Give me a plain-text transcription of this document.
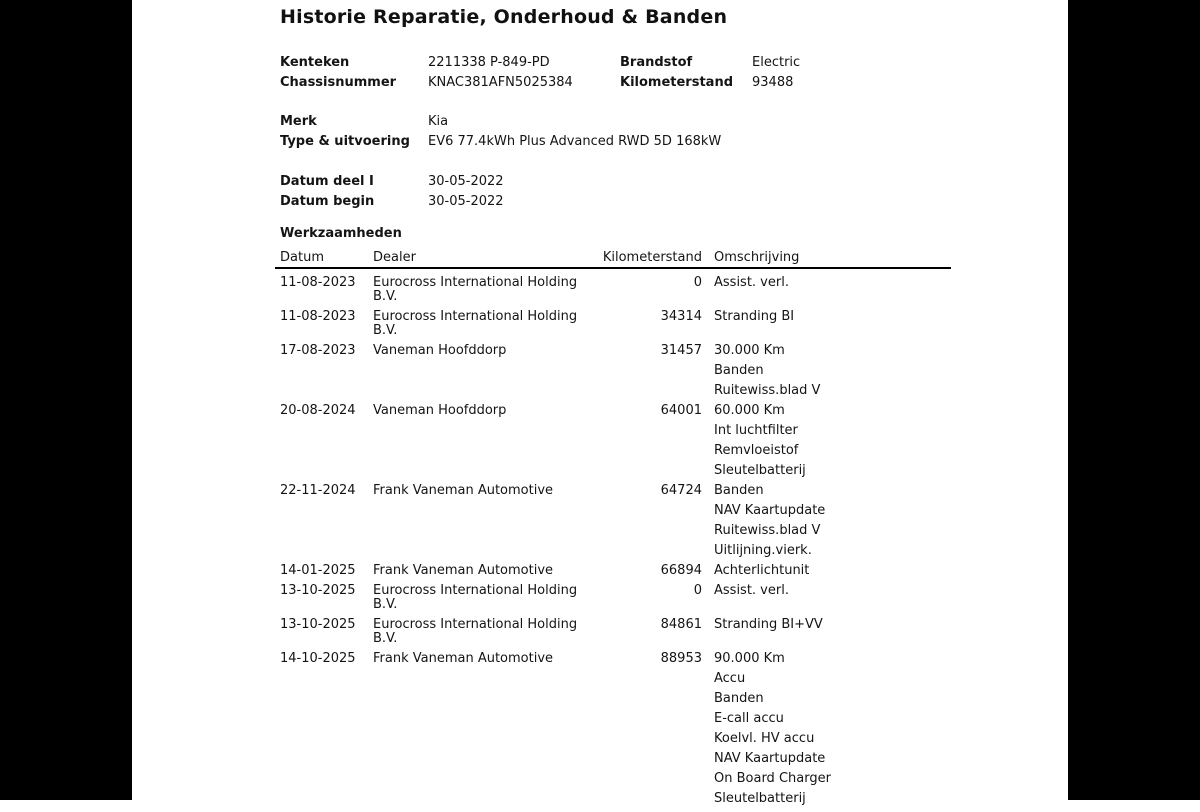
Historie Reparatie, Onderhoud & Banden
Kenteken	2211338 P-849-PD
Chassisnummer	KNAC381AFN5025384
Brandstof	Electric
Kilometerstand	93488
Merk	Kia
Type & uitvoering	EV6 77.4kWh Plus Advanced RWD 5D 168kW
Datum deel I	30-05-2022
Datum begin	30-05-2022
Werkzaamheden
Datum	Dealer	Kilometerstand Omschrijving
11-08-2023	Eurocross International Holding
B.V.
0 Assist. verl.
11-08-2023	Eurocross International Holding
B.V.
34314 Stranding BI
17-08-2023	Vaneman Hoofddorp	31457 30.000 Km
Banden
Ruitewiss.blad V
20-08-2024	Vaneman Hoofddorp	64001 60.000 Km
Int luchtfilter
Remvloeistof
Sleutelbatterij
22-11-2024	Frank Vaneman Automotive	64724 Banden
NAV Kaartupdate
Ruitewiss.blad V
Uitlijning.vierk.
14-01-2025	Frank Vaneman Automotive	66894 Achterlichtunit
13-10-2025	Eurocross International Holding
B.V.
0 Assist. verl.
13-10-2025	Eurocross International Holding
B.V.
84861 Stranding BI+VV
14-10-2025	Frank Vaneman Automotive	88953 90.000 Km
Accu
Banden
E-call accu
Koelvl. HV accu
NAV Kaartupdate
On Board Charger
Sleutelbatterij
